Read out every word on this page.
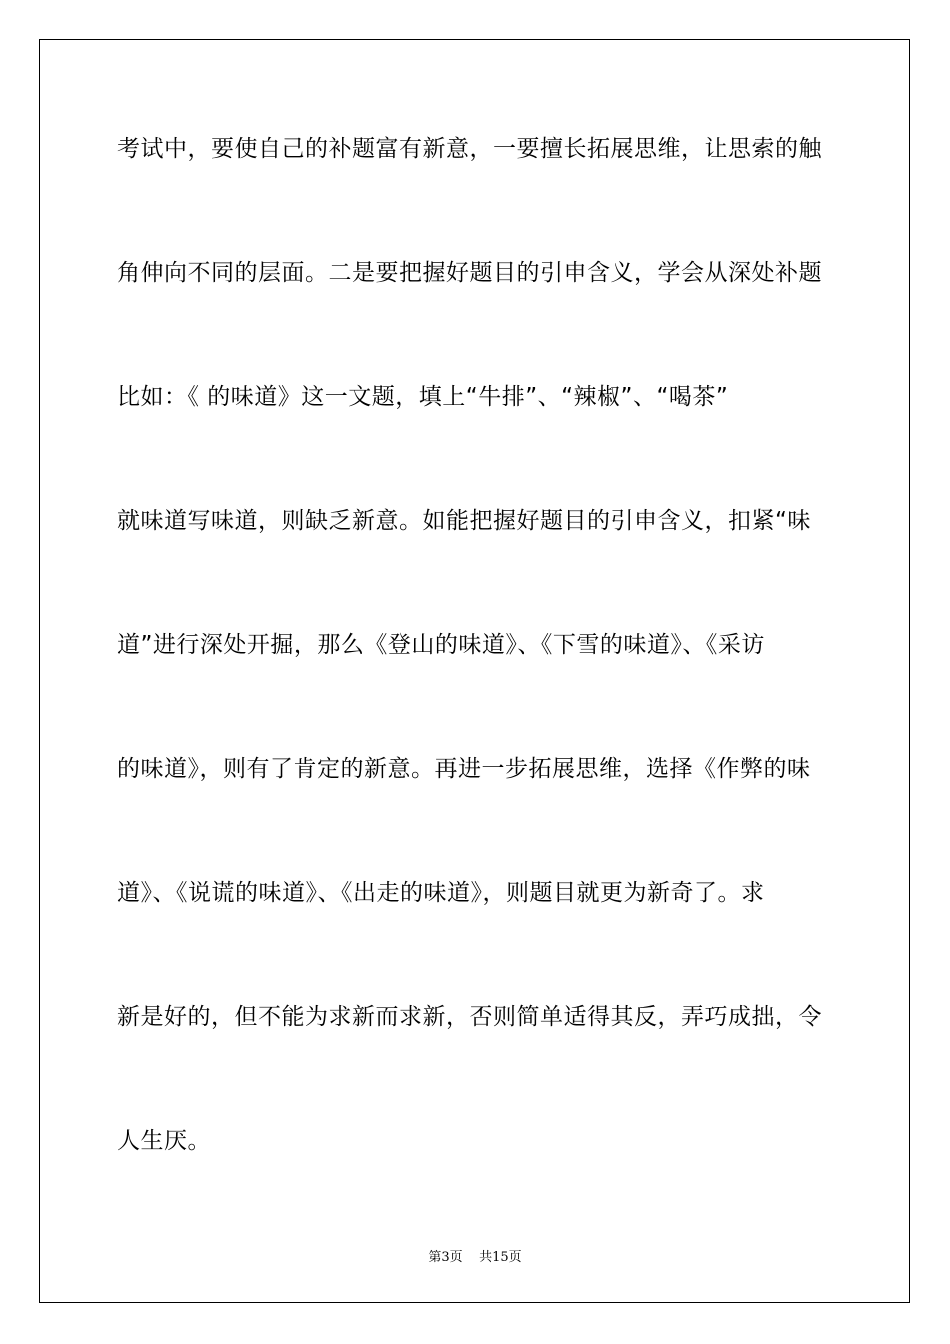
考试中，要使自己的补题富有新意，一要擅长拓展思维，让思索的触
角伸向不同的层面。二是要把握好题目的引申含义，学会从深处补题
比如：《 的味道》这一文题，填上“牛排”、“辣椒”、“喝茶”
就味道写味道，则缺乏新意。如能把握好题目的引申含义，扣紧“味
道”进行深处开掘，那么《登山的味道》、《下雪的味道》、《采访
的味道》，则有了肯定的新意。再进一步拓展思维，选择《作弊的味
道》、《说谎的味道》、《出走的味道》，则题目就更为新奇了。求
新是好的，但不能为求新而求新，否则简单适得其反，弄巧成拙，令
人生厌。
第3页 共15页
